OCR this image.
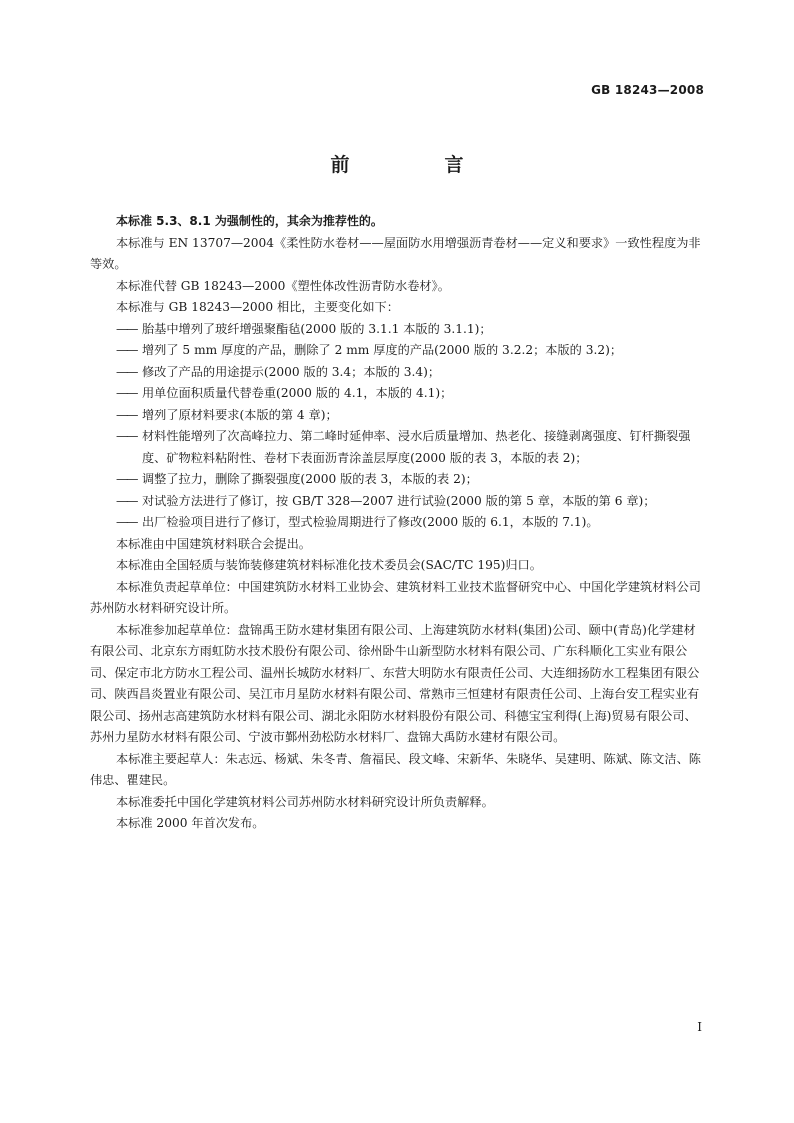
GB 18243—2008
前　言

本标准 5.3、8.1 为强制性的，其余为推荐性的。

本标准与 EN 13707—2004《柔性防水卷材——屋面防水用增强沥青卷材——定义和要求》一致性程度为非等效。

本标准代替 GB 18243—2000《塑性体改性沥青防水卷材》。

本标准与 GB 18243—2000 相比，主要变化如下：

—— 胎基中增列了玻纤增强聚酯毡(2000 版的 3.1.1 本版的 3.1.1)；

—— 增列了 5 mm 厚度的产品，删除了 2 mm 厚度的产品(2000 版的 3.2.2；本版的 3.2)；

—— 修改了产品的用途提示(2000 版的 3.4；本版的 3.4)；

—— 用单位面积质量代替卷重(2000 版的 4.1，本版的 4.1)；

—— 增列了原材料要求(本版的第 4 章)；

—— 材料性能增列了次高峰拉力、第二峰时延伸率、浸水后质量增加、热老化、接缝剥离强度、钉杆撕裂强度、矿物粒料粘附性、卷材下表面沥青涂盖层厚度(2000 版的表 3，本版的表 2)；

—— 调整了拉力，删除了撕裂强度(2000 版的表 3，本版的表 2)；

—— 对试验方法进行了修订，按 GB/T 328—2007 进行试验(2000 版的第 5 章，本版的第 6 章)；

—— 出厂检验项目进行了修订，型式检验周期进行了修改(2000 版的 6.1，本版的 7.1)。

本标准由中国建筑材料联合会提出。

本标准由全国轻质与装饰装修建筑材料标准化技术委员会(SAC/TC 195)归口。

本标准负责起草单位：中国建筑防水材料工业协会、建筑材料工业技术监督研究中心、中国化学建筑材料公司苏州防水材料研究设计所。

本标准参加起草单位：盘锦禹王防水建材集团有限公司、上海建筑防水材料(集团)公司、颐中(青岛)化学建材有限公司、北京东方雨虹防水技术股份有限公司、徐州卧牛山新型防水材料有限公司、广东科顺化工实业有限公司、保定市北方防水工程公司、温州长城防水材料厂、东营大明防水有限责任公司、大连细扬防水工程集团有限公司、陕西昌炎置业有限公司、吴江市月星防水材料有限公司、常熟市三恒建材有限责任公司、上海台安工程实业有限公司、扬州志高建筑防水材料有限公司、湖北永阳防水材料股份有限公司、科德宝宝利得(上海)贸易有限公司、苏州力星防水材料有限公司、宁波市鄞州劲松防水材料厂、盘锦大禹防水建材有限公司。

本标准主要起草人：朱志远、杨斌、朱冬青、詹福民、段文峰、宋新华、朱晓华、吴建明、陈斌、陈文洁、陈伟忠、瞿建民。

本标准委托中国化学建筑材料公司苏州防水材料研究设计所负责解释。

本标准 2000 年首次发布。

I
